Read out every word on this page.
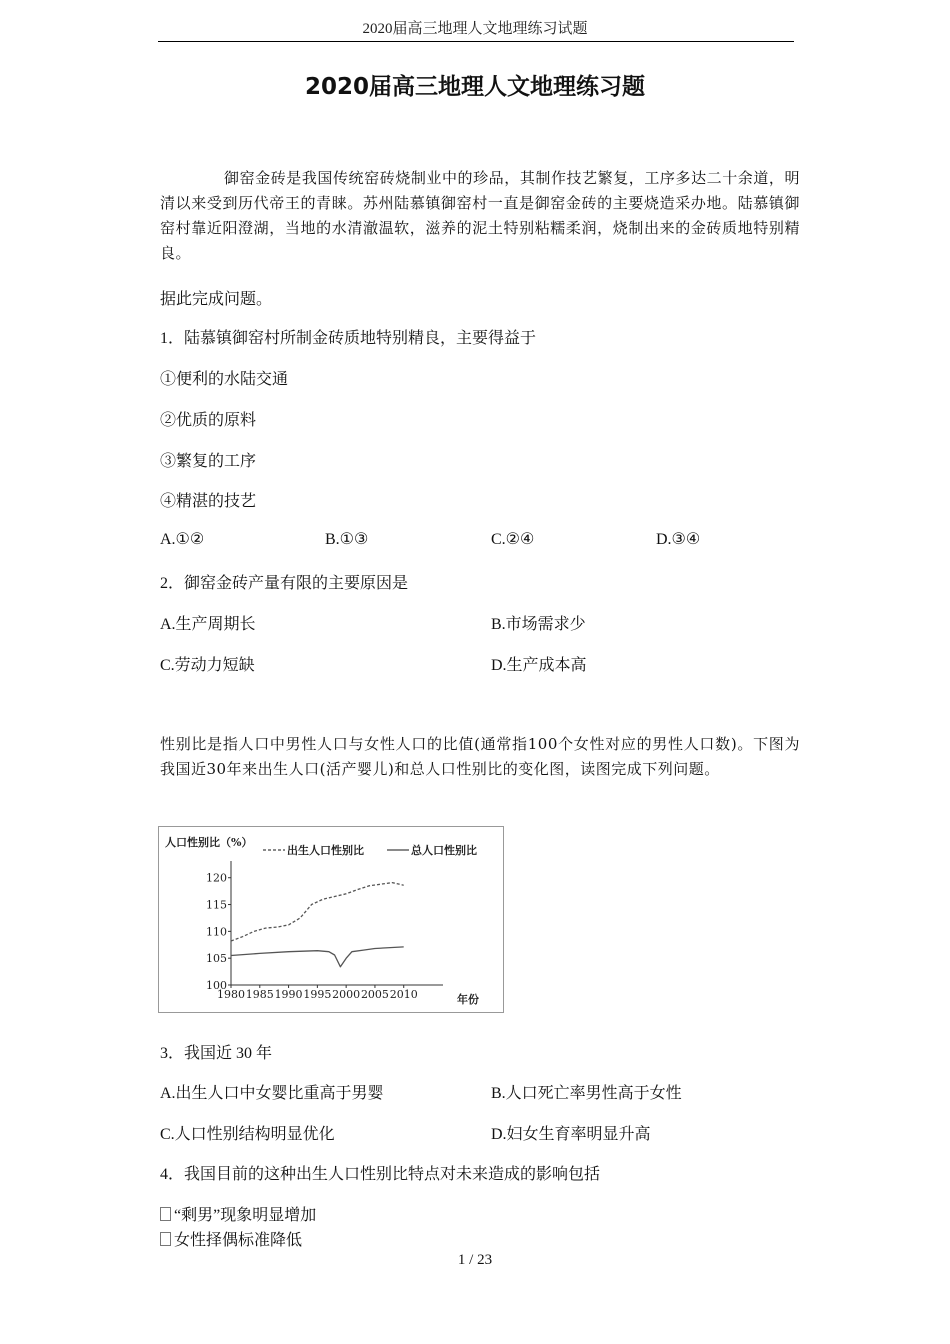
2020届高三地理人文地理练习试题
2020届高三地理人文地理练习题
御窑金砖是我国传统窑砖烧制业中的珍品，其制作技艺繁复，工序多达二十余道，明清以来受到历代帝王的青睐。苏州陆慕镇御窑村一直是御窑金砖的主要烧造采办地。陆慕镇御窑村靠近阳澄湖，当地的水清澈温软，滋养的泥土特别粘糯柔润，烧制出来的金砖质地特别精良。
据此完成问题。
1．陆慕镇御窑村所制金砖质地特别精良，主要得益于
①便利的水陆交通
②优质的原料
③繁复的工序
④精湛的技艺
A.①②	B.①③	C.②④	D.③④
2．御窑金砖产量有限的主要原因是
A.生产周期长	B.市场需求少
C.劳动力短缺	D.生产成本高
性别比是指人口中男性人口与女性人口的比值(通常指100个女性对应的男性人口数)。下图为我国近30年来出生人口(活产婴儿)和总人口性别比的变化图，读图完成下列问题。
人口性别比（%）
出生人口性别比	总人口性别比
100
105
110
115
120
1980 1985 1990 1995 2000 2005 2010	年份
3．我国近 30 年
A.出生人口中女婴比重高于男婴	B.人口死亡率男性高于女性
C.人口性别结构明显优化	D.妇女生育率明显升高
4．我国目前的这种出生人口性别比特点对未来造成的影响包括
“剩男”现象明显增加
女性择偶标准降低
1 / 23
